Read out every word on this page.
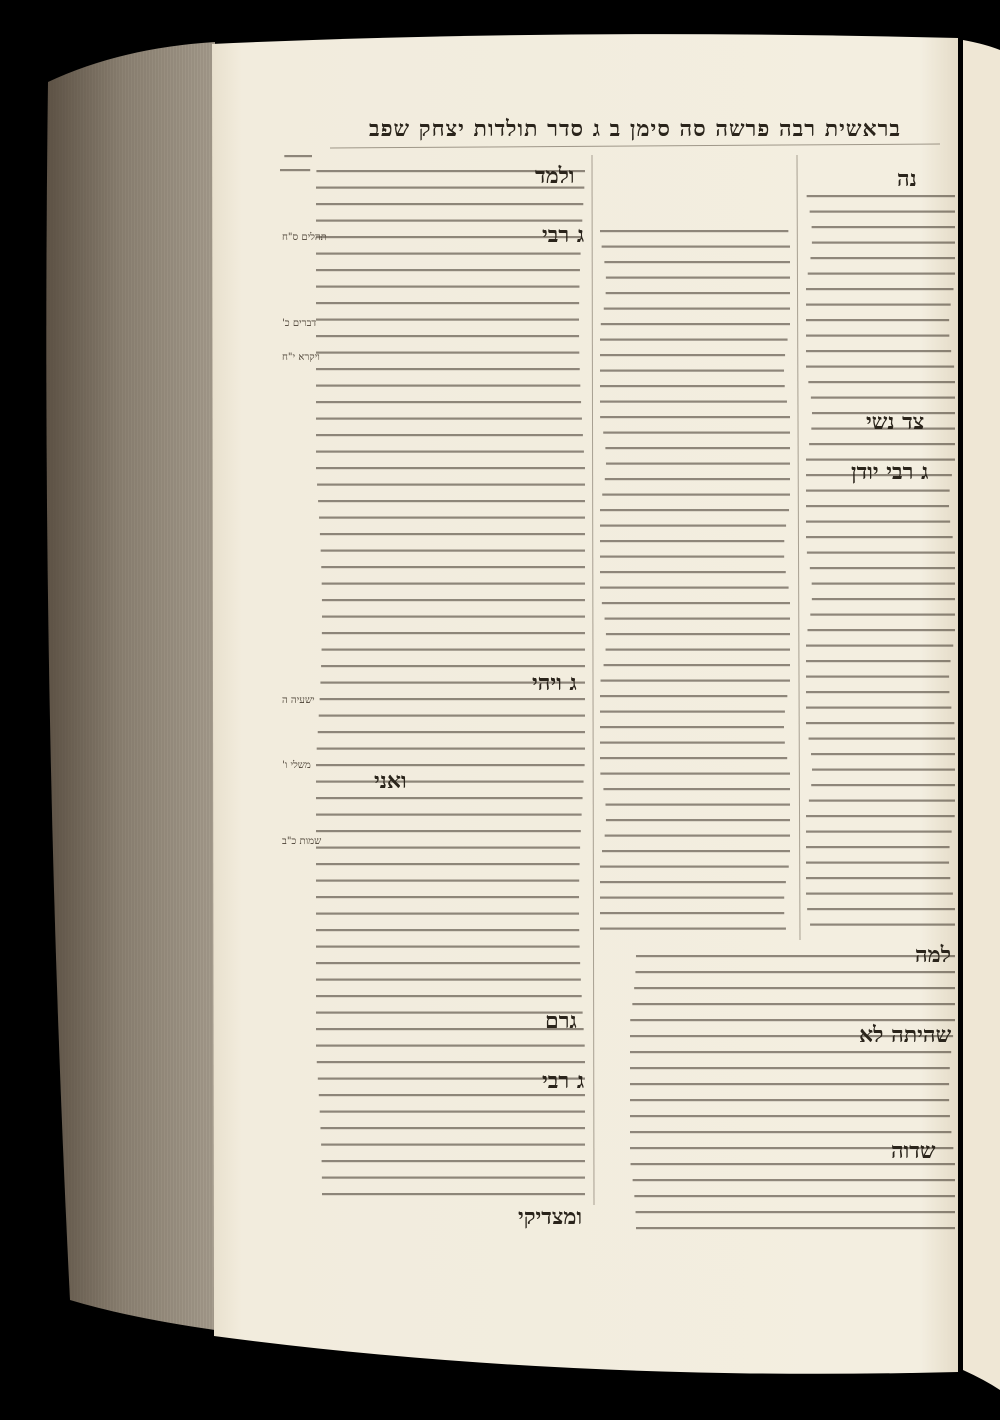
בראשית רבה פרשה סה סימן ב ג סדר תולדות יצחק שפב
תהלים ס"ח
דברים כ'
ויקרא י"ח
ישעיה ה
משלי ו'
שמות כ"ב
ולמד	נה
ג רבי
צד נשי
ג רבי יודן
ג ויהי
ואני
למה
שהיתה לא
גרם
ג רבי
שדוה
ומצדיקי
